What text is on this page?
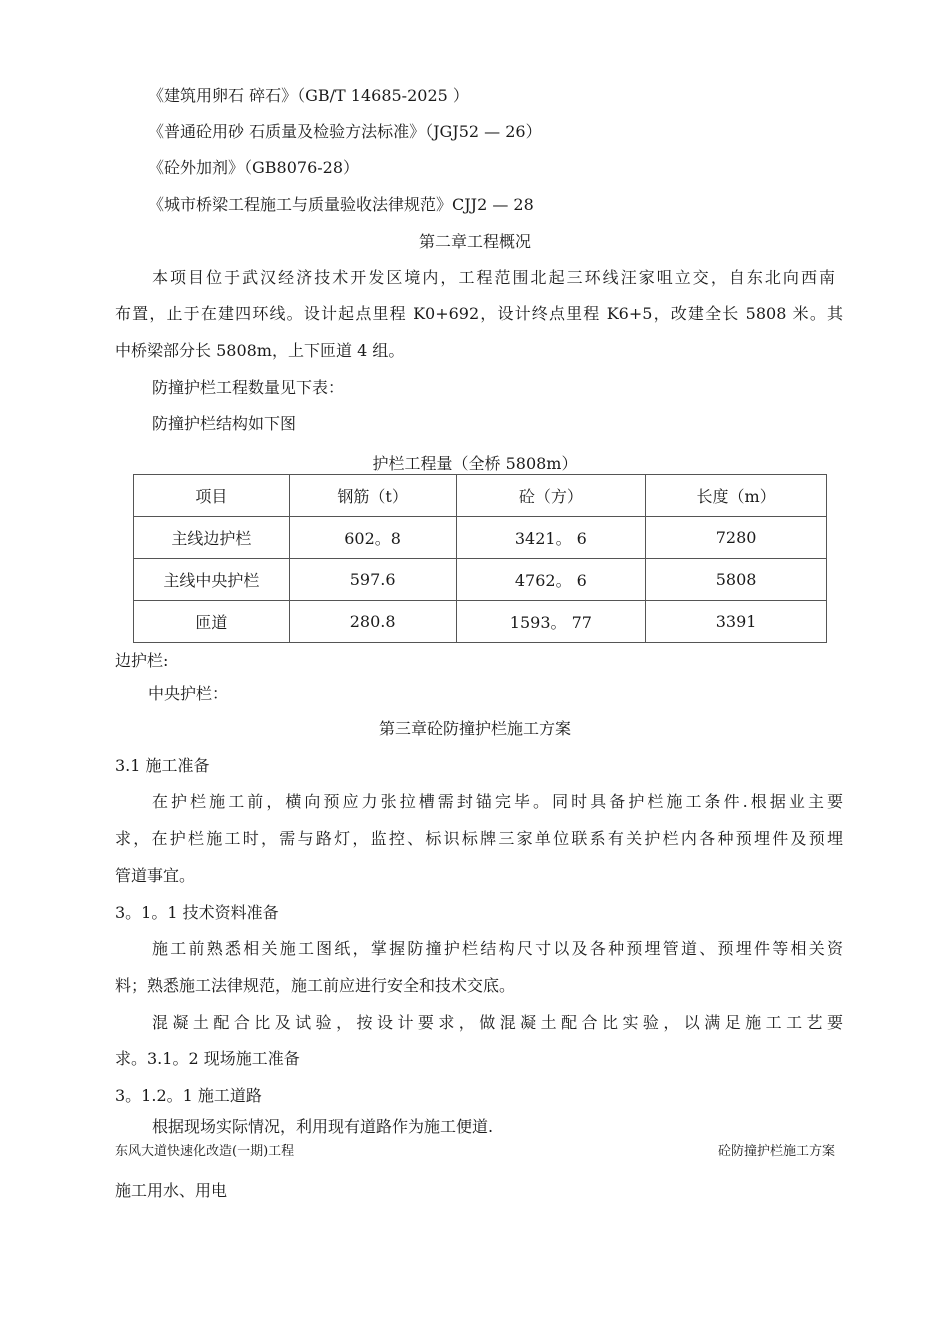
《建筑用卵石 碎石》（GB/T 14685-2025 ）
《普通砼用砂 石质量及检验方法标准》（JGJ52 — 26）
《砼外加剂》（GB8076-28）
《城市桥梁工程施工与质量验收法律规范》CJJ2 — 28
第二章工程概况
本项目位于武汉经济技术开发区境内，工程范围北起三环线汪家咀立交，自东北向西南
布置，止于在建四环线。设计起点里程 K0+692，设计终点里程 K6+5，改建全长 5808 米。其
中桥梁部分长 5808m，上下匝道 4 组。
防撞护栏工程数量见下表：
防撞护栏结构如下图
护栏工程量（全桥 5808m）
项目	钢筋（t）	砼（方）	长度（m）
主线边护栏	602。8	3421。 6	7280
主线中央护栏	597.6	4762。 6	5808
匝道	280.8	1593。 77	3391
边护栏:
中央护栏：
第三章砼防撞护栏施工方案
3.1 施工准备
在护栏施工前，横向预应力张拉槽需封锚完毕。同时具备护栏施工条件.根据业主要
求，在护栏施工时，需与路灯，监控、标识标牌三家单位联系有关护栏内各种预埋件及预埋
管道事宜。
3。1。1 技术资料准备
施工前熟悉相关施工图纸，掌握防撞护栏结构尺寸以及各种预埋管道、预埋件等相关资
料；熟悉施工法律规范，施工前应进行安全和技术交底。
混凝土配合比及试验，按设计要求，做混凝土配合比实验，以满足施工工艺要
求。3.1。2 现场施工准备
3。1.2。1 施工道路
根据现场实际情况，利用现有道路作为施工便道.
东风大道快速化改造(一期)工程	砼防撞护栏施工方案
施工用水、用电
